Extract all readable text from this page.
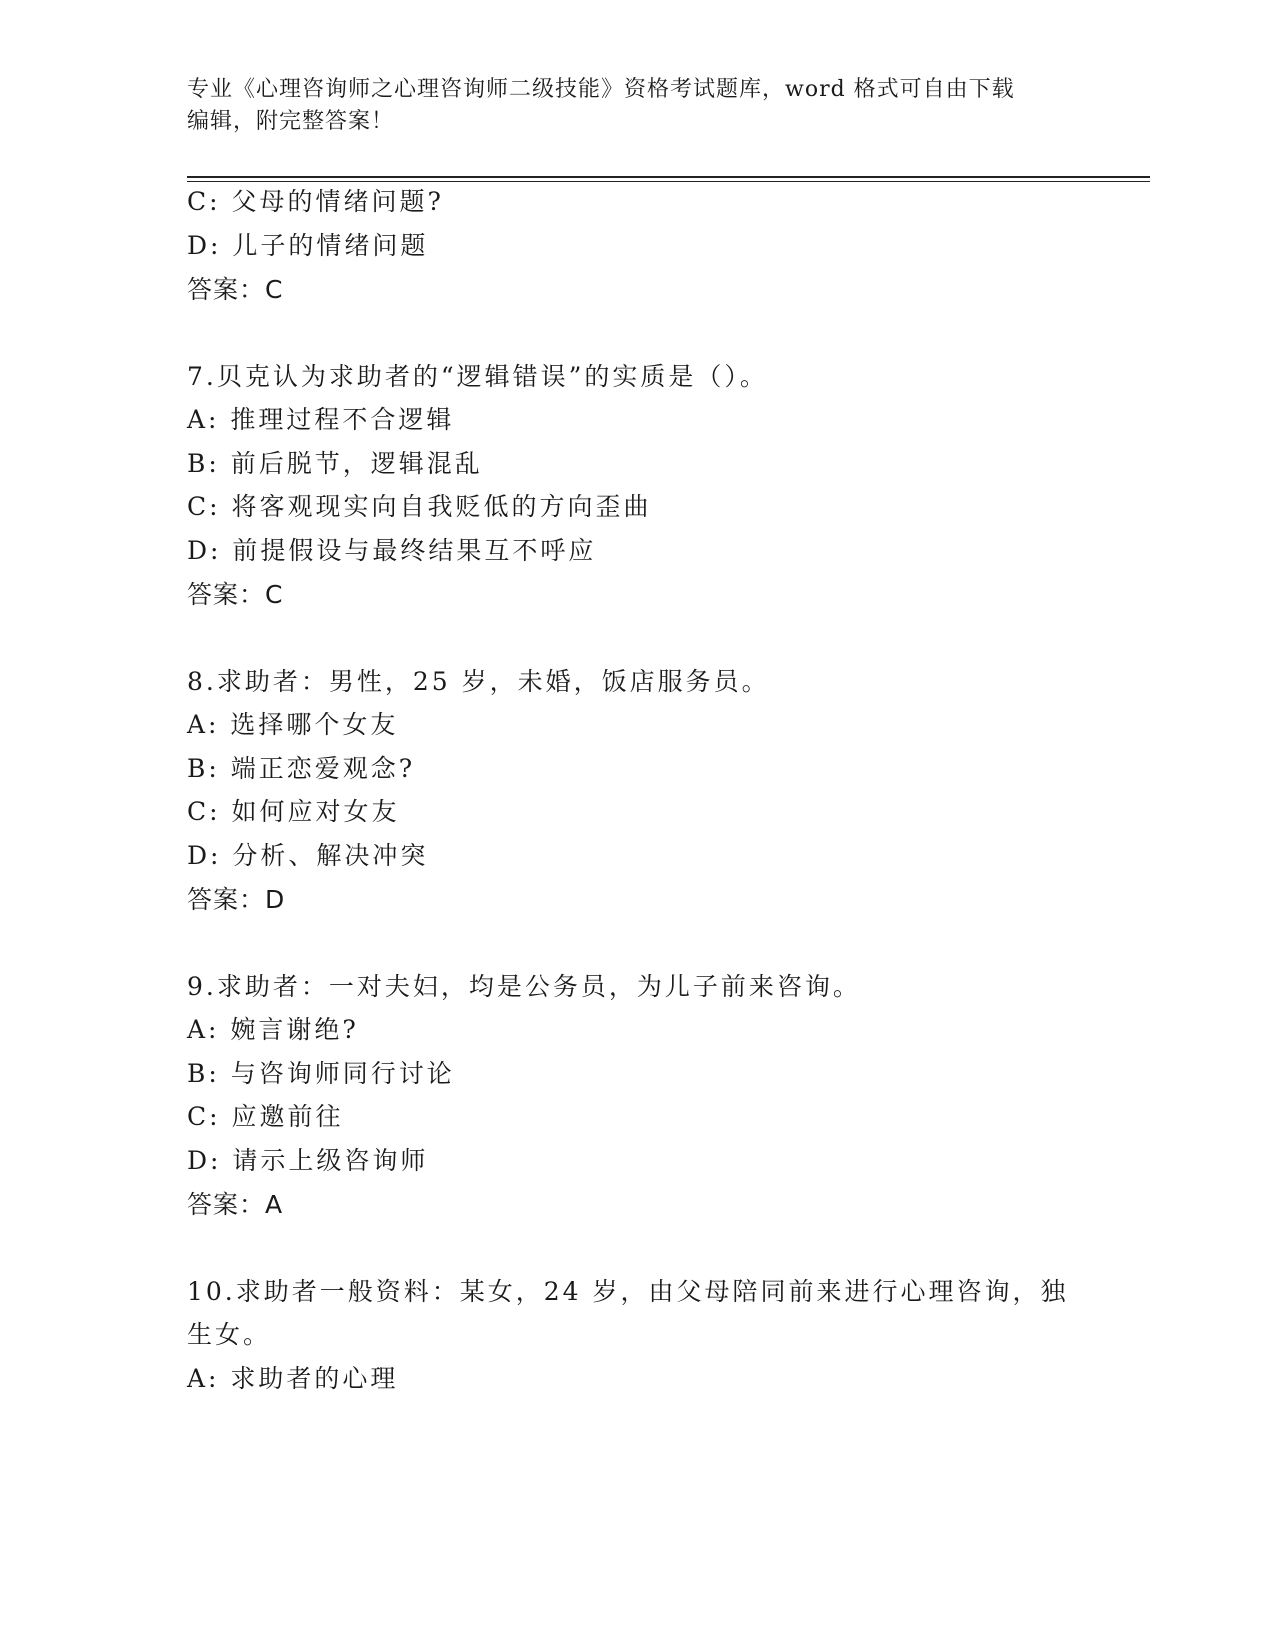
专业《心理咨询师之心理咨询师二级技能》资格考试题库，word 格式可自由下载
编辑，附完整答案！
C: 父母的情绪问题?
D: 儿子的情绪问题
答案：C
7.贝克认为求助者的“逻辑错误”的实质是（）。
A: 推理过程不合逻辑
B: 前后脱节，逻辑混乱
C: 将客观现实向自我贬低的方向歪曲
D: 前提假设与最终结果互不呼应
答案：C
8.求助者：男性，25 岁，未婚，饭店服务员。
A: 选择哪个女友
B: 端正恋爱观念?
C: 如何应对女友
D: 分析、解决冲突
答案：D
9.求助者：一对夫妇，均是公务员，为儿子前来咨询。
A: 婉言谢绝?
B: 与咨询师同行讨论
C: 应邀前往
D: 请示上级咨询师
答案：A
10.求助者一般资料：某女，24 岁，由父母陪同前来进行心理咨询，独
生女。
A: 求助者的心理
